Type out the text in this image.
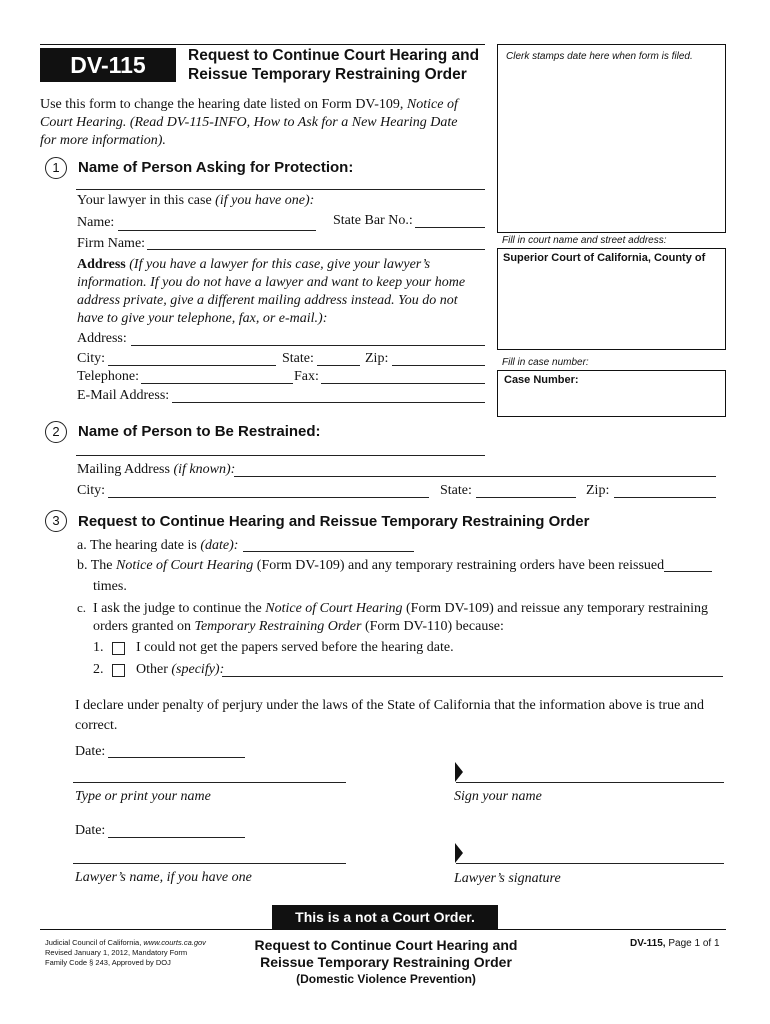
DV-115	Request to Continue Court Hearing and
Reissue Temporary Restraining Order
Clerk stamps date here when form is filed.
Use this form to change the hearing date listed on Form DV-109, Notice of
Court Hearing. (Read DV-115-INFO, How to Ask for a New Hearing Date
for more information).
Fill in court name and street address:
Superior Court of California, County of
Fill in case number:
Case Number:
1	Name of Person Asking for Protection:
Your lawyer in this case (if you have one):
Name:	State Bar No.:
Firm Name:
Address (If you have a lawyer for this case, give your lawyer’s
information. If you do not have a lawyer and want to keep your home
address private, give a different mailing address instead. You do not
have to give your telephone, fax, or e-mail.):
Address:
City:	State:	Zip:
Telephone:	Fax:
E-Mail Address:
2	Name of Person to Be Restrained:
Mailing Address (if known):
City:	State:	Zip:
3	Request to Continue Hearing and Reissue Temporary Restraining Order
a. The hearing date is (date):
b. The Notice of Court Hearing (Form DV-109) and any temporary restraining orders have been reissued
times.
c. I ask the judge to continue the Notice of Court Hearing (Form DV-109) and reissue any temporary restraining
orders granted on Temporary Restraining Order (Form DV-110) because:
1. I could not get the papers served before the hearing date.
2. Other (specify):
I declare under penalty of perjury under the laws of the State of California that the information above is true and
correct.
Date:
Type or print your name	Sign your name
Date:
Lawyer’s name, if you have one	Lawyer’s signature
This is a not a Court Order.
Judicial Council of California, www.courts.ca.gov
Revised January 1, 2012, Mandatory Form
Family Code § 243, Approved by DOJ
Request to Continue Court Hearing and
Reissue Temporary Restraining Order
(Domestic Violence Prevention)
DV-115, Page 1 of 1
